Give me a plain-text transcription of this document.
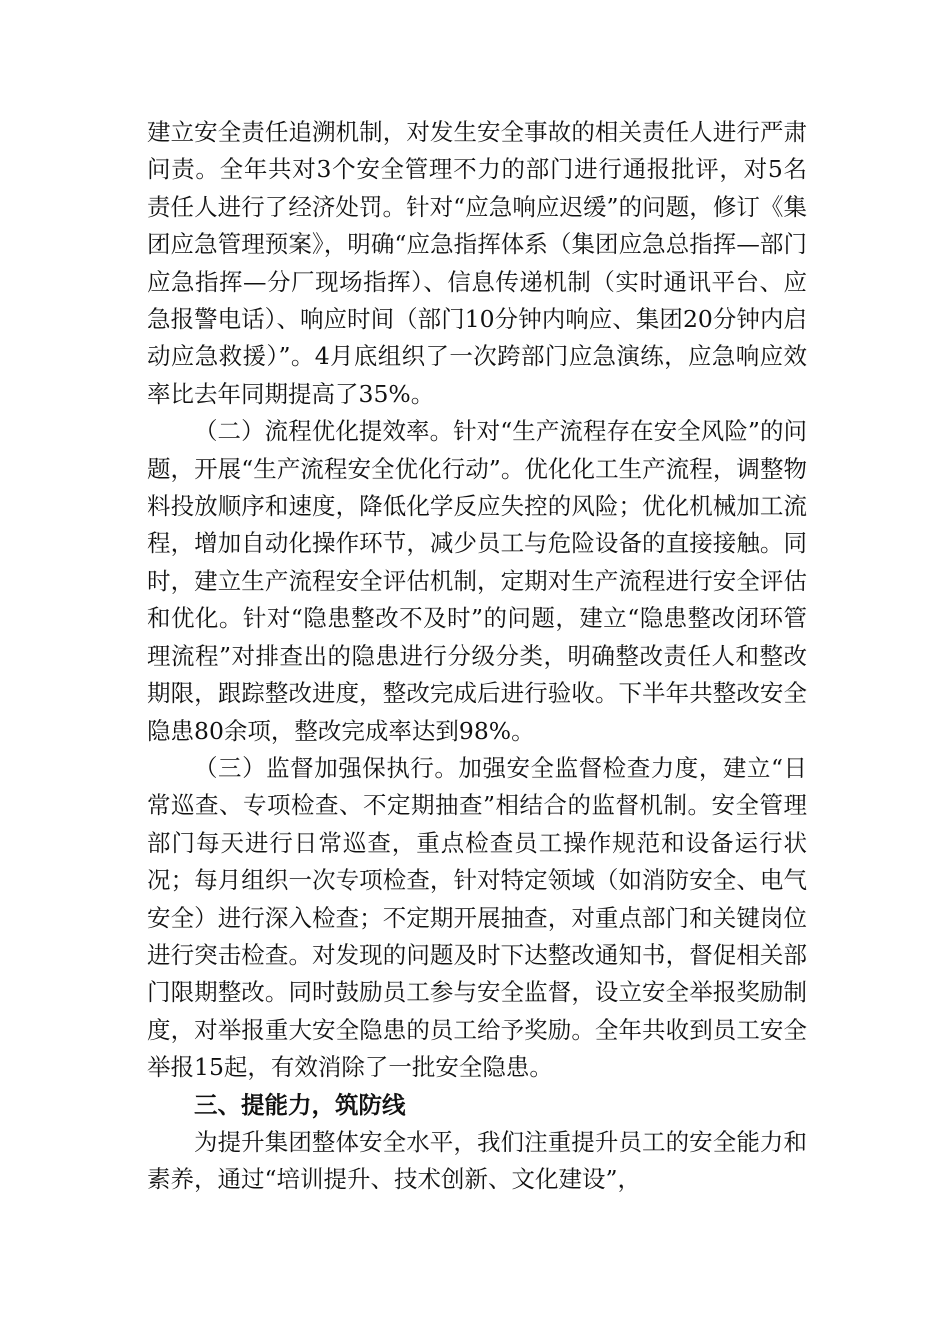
建立安全责任追溯机制，对发生安全事故的相关责任人进行严肃问责。全年共对3个安全管理不力的部门进行通报批评，对5名责任人进行了经济处罚。针对“应急响应迟缓”的问题，修订《集团应急管理预案》，明确“应急指挥体系（集团应急总指挥—部门应急指挥—分厂现场指挥）、信息传递机制（实时通讯平台、应急报警电话）、响应时间（部门10分钟内响应、集团20分钟内启动应急救援）”。4月底组织了一次跨部门应急演练，应急响应效率比去年同期提高了35%。

（二）流程优化提效率。针对“生产流程存在安全风险”的问题，开展“生产流程安全优化行动”。优化化工生产流程，调整物料投放顺序和速度，降低化学反应失控的风险；优化机械加工流程，增加自动化操作环节，减少员工与危险设备的直接接触。同时，建立生产流程安全评估机制，定期对生产流程进行安全评估和优化。针对“隐患整改不及时”的问题，建立“隐患整改闭环管理流程”对排查出的隐患进行分级分类，明确整改责任人和整改期限，跟踪整改进度，整改完成后进行验收。下半年共整改安全隐患80余项，整改完成率达到98%。

（三）监督加强保执行。加强安全监督检查力度，建立“日常巡查、专项检查、不定期抽查”相结合的监督机制。安全管理部门每天进行日常巡查，重点检查员工操作规范和设备运行状况；每月组织一次专项检查，针对特定领域（如消防安全、电气安全）进行深入检查；不定期开展抽查，对重点部门和关键岗位进行突击检查。对发现的问题及时下达整改通知书，督促相关部门限期整改。同时鼓励员工参与安全监督，设立安全举报奖励制度，对举报重大安全隐患的员工给予奖励。全年共收到员工安全举报15起，有效消除了一批安全隐患。

三、提能力，筑防线

为提升集团整体安全水平，我们注重提升员工的安全能力和素养，通过“培训提升、技术创新、文化建设”，
